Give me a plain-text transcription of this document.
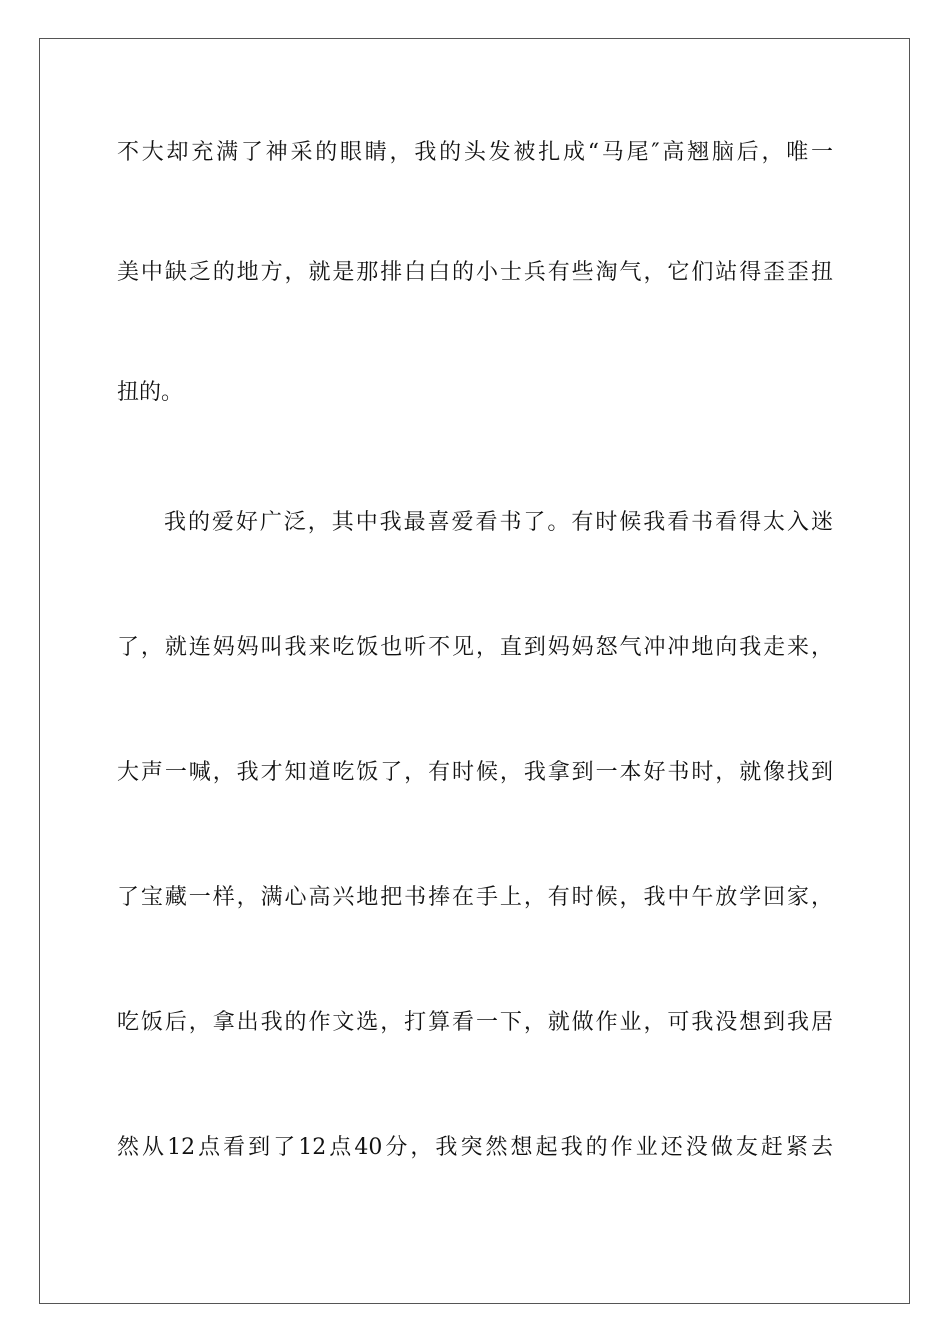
不大却充满了神采的眼睛，我的头发被扎成“马尾″高翘脑后，唯一
美中缺乏的地方，就是那排白白的小士兵有些淘气，它们站得歪歪扭
扭的。
我的爱好广泛，其中我最喜爱看书了。有时候我看书看得太入迷
了，就连妈妈叫我来吃饭也听不见，直到妈妈怒气冲冲地向我走来，
大声一喊，我才知道吃饭了，有时候，我拿到一本好书时，就像找到
了宝藏一样，满心高兴地把书捧在手上，有时候，我中午放学回家，
吃饭后，拿出我的作文选，打算看一下，就做作业，可我没想到我居
然从12点看到了12点40分，我突然想起我的作业还没做友赶紧去
